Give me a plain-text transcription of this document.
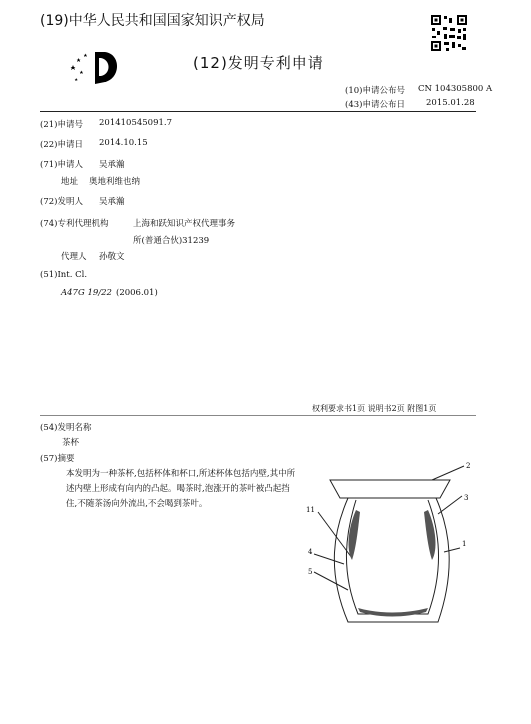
(19)中华人民共和国国家知识产权局
(12)发明专利申请
(10)申请公布号 CN 104305800 A
(43)申请公布日 2015.01.28
(21)申请号 201410545091.7
(22)申请日 2014.10.15
(71)申请人 吴承瀚
地址 奥地利维也纳
(72)发明人 吴承瀚
(74)专利代理机构	上海和跃知识产权代理事务
所(普通合伙)31239
代理人 孙敬文
(51)Int. Cl.
A47G 19/22 (2006.01)
权利要求书1页 说明书2页 附图1页
(54)发明名称
茶杯
(57)摘要
本发明为一种茶杯,包括杯体和杯口,所述杯体包括内壁,其中所述内壁上形成有向内的凸起。喝茶时,泡涨开的茶叶被凸起挡住,不随茶汤向外流出,不会喝到茶叶。
2
3
11
1
4
5
